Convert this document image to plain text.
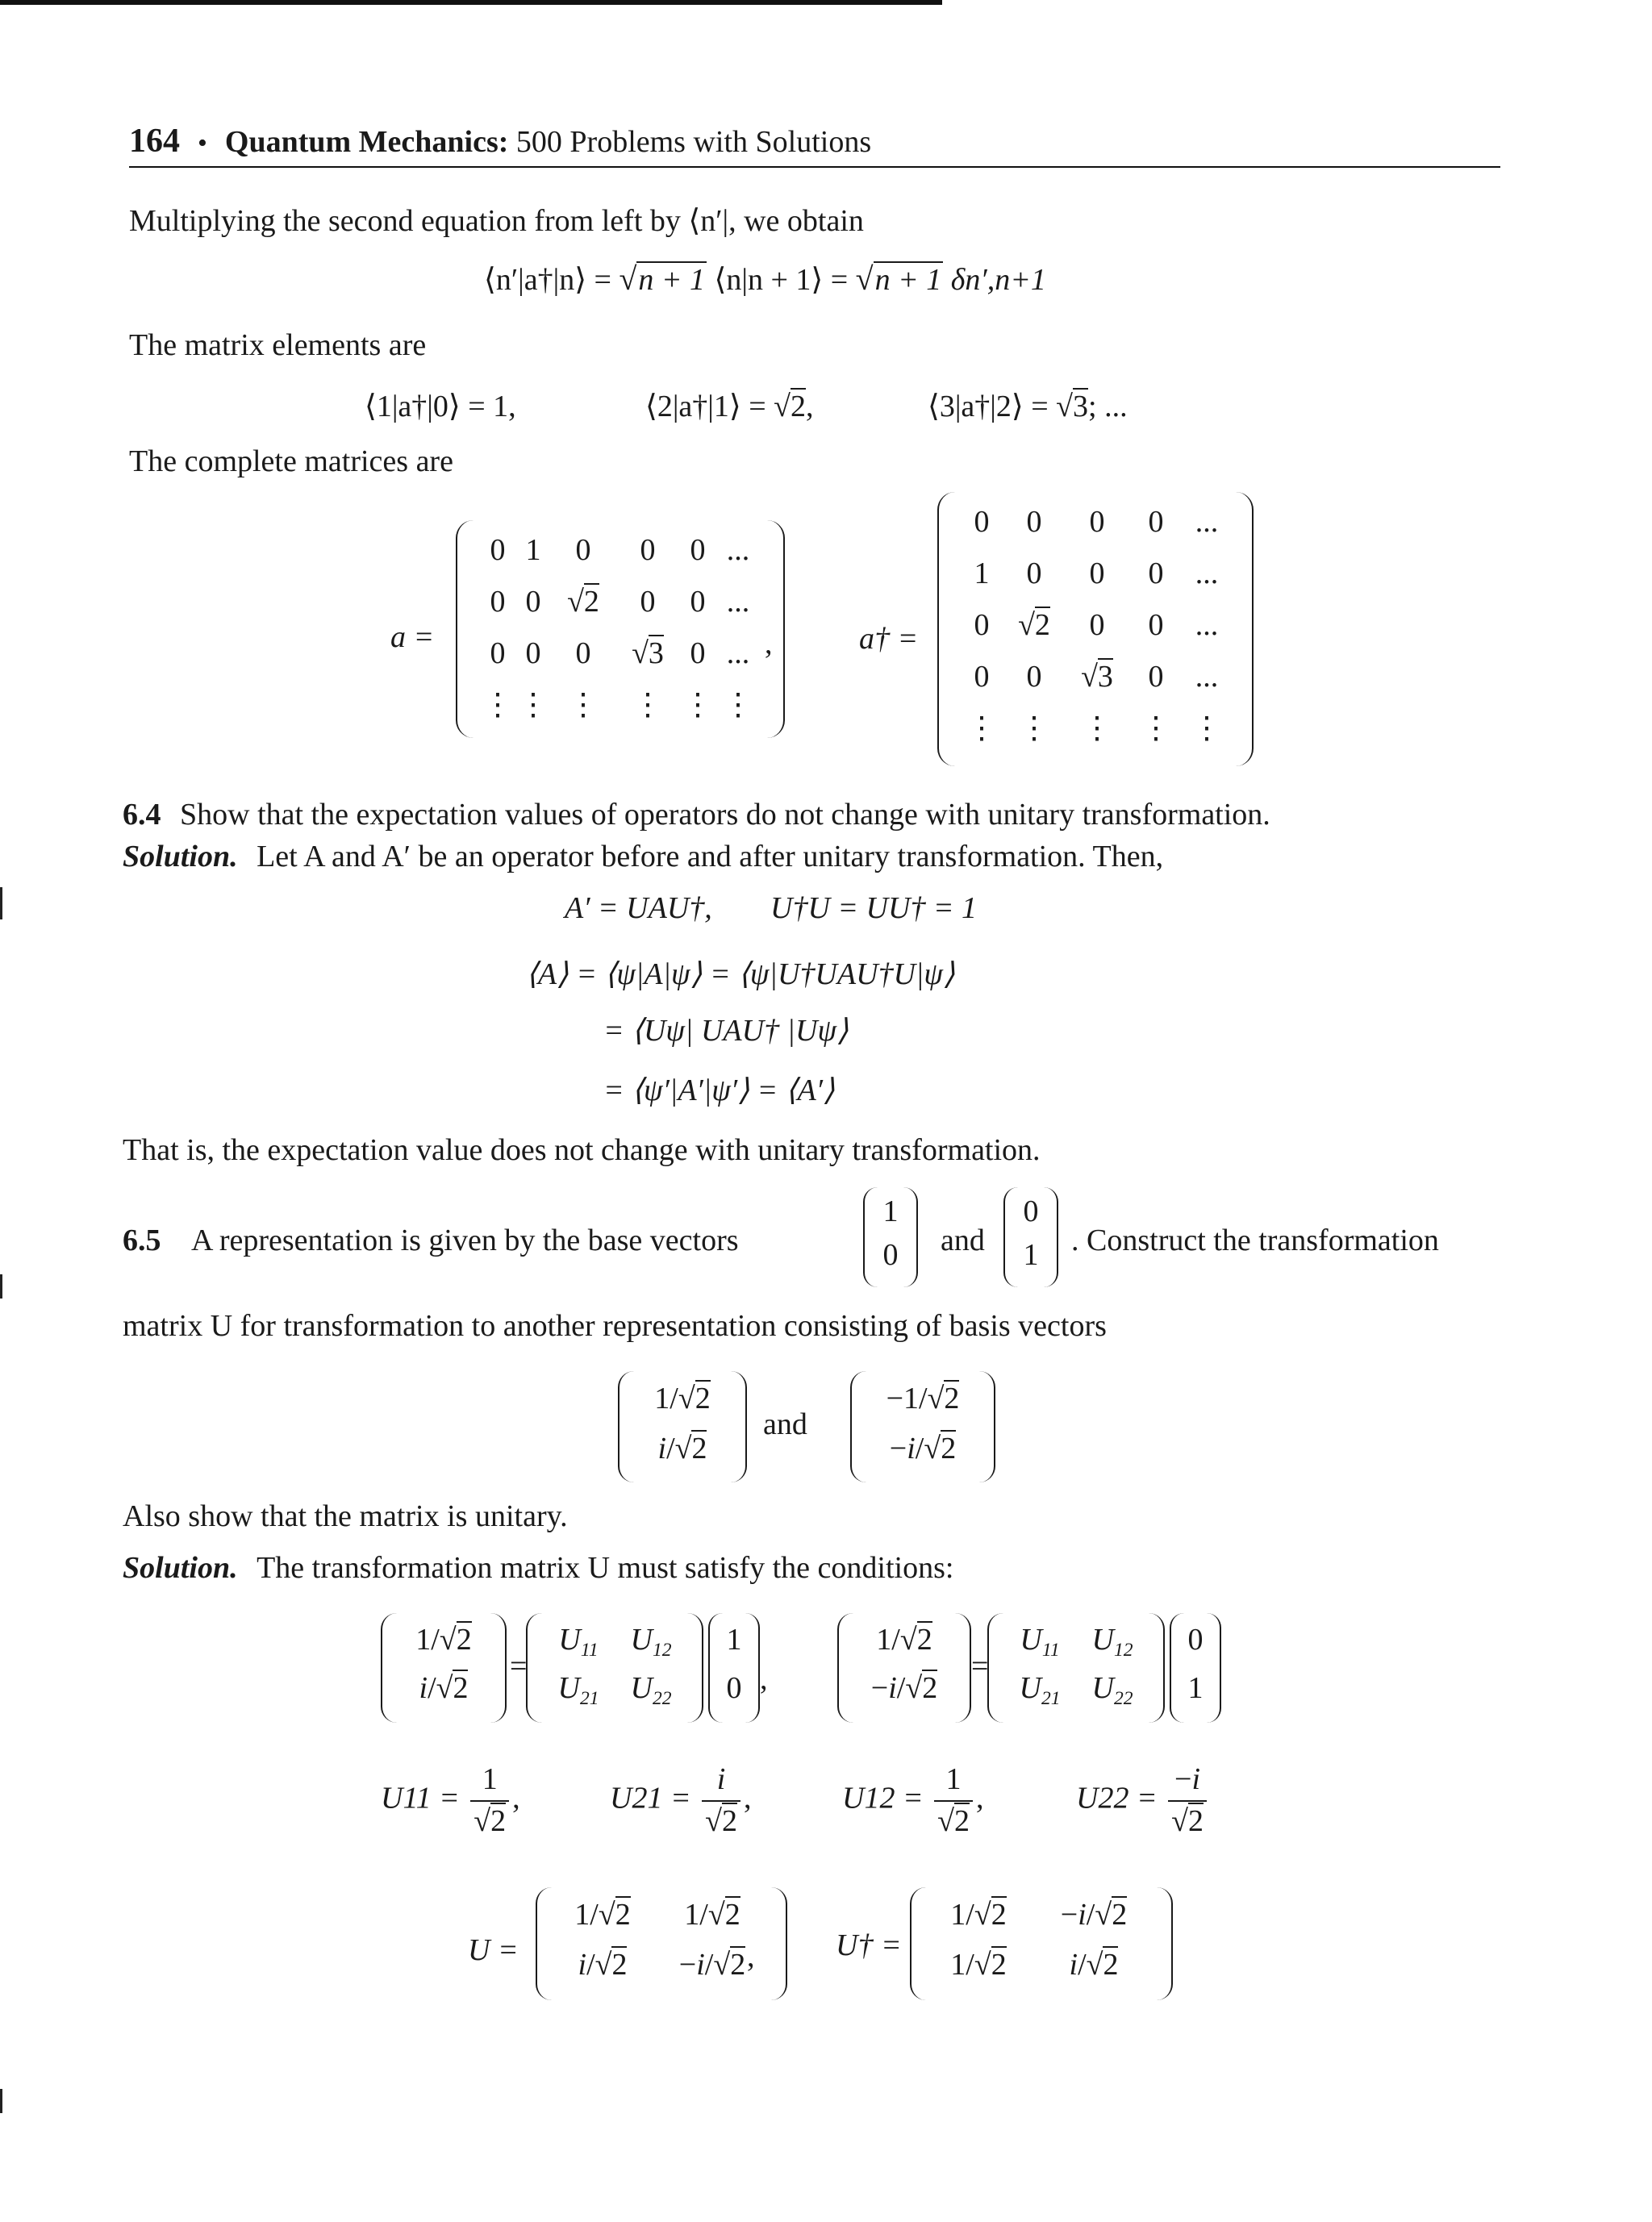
164 • Quantum Mechanics: 500 Problems with Solutions
Multiplying the second equation from left by ⟨n′|, we obtain
⟨n′|a†|n⟩ = √n + 1 ⟨n|n + 1⟩ = √n + 1 δn′,n+1
The matrix elements are
⟨1|a†|0⟩ = 1,	⟨2|a†|1⟩ = √2,	⟨3|a†|2⟩ = √3; ...
The complete matrices are
a =
0 1 0 0 0 ...
0 0 √2 0 0 ...
0 0 0 √3 0 ...
⋮ ⋮ ⋮ ⋮ ⋮ ⋮
,	a† =
0 0 0 0 ...
1 0 0 0 ...
0 √2 0 0 ...
0 0 √3 0 ...
⋮ ⋮ ⋮ ⋮ ⋮
6.4 Show that the expectation values of operators do not change with unitary transformation.
Solution. Let A and A′ be an operator before and after unitary transformation. Then,
A′ = UAU†, U†U = UU† = 1
⟨A⟩ = ⟨ψ|A|ψ⟩ = ⟨ψ|U†UAU†U|ψ⟩
= ⟨Uψ| UAU† |Uψ⟩
= ⟨ψ′|A′|ψ′⟩ = ⟨A′⟩
That is, the expectation value does not change with unitary transformation.
6.5 A representation is given by the base vectors
1
0 and
0
1 . Construct the transformation
matrix U for transformation to another representation consisting of basis vectors
1/√2
i/√2
and
−1/√2
−i/√2
Also show that the matrix is unitary.
Solution. The transformation matrix U must satisfy the conditions:
1/√2
i/√2
=
$U_{11}$ $U_{12}$
$U_{21}$ $U_{22}$
1
0 ,
1/√2
−i/√2
=
$U_{11}$ $U_{12}$
$U_{21}$ $U_{22}$
0
1
$U11 = \frac{1}{√2}$ ,	$U21 = \frac{i}{√2}$ ,	$U12 = \frac{1}{√2}$ ,	$U22 = \frac{-i}{√2}$
U =
1/√2 1/√2
i/√2 −i/√2 ,	U† =
1/√2 −i/√2
1/√2 i/√2
